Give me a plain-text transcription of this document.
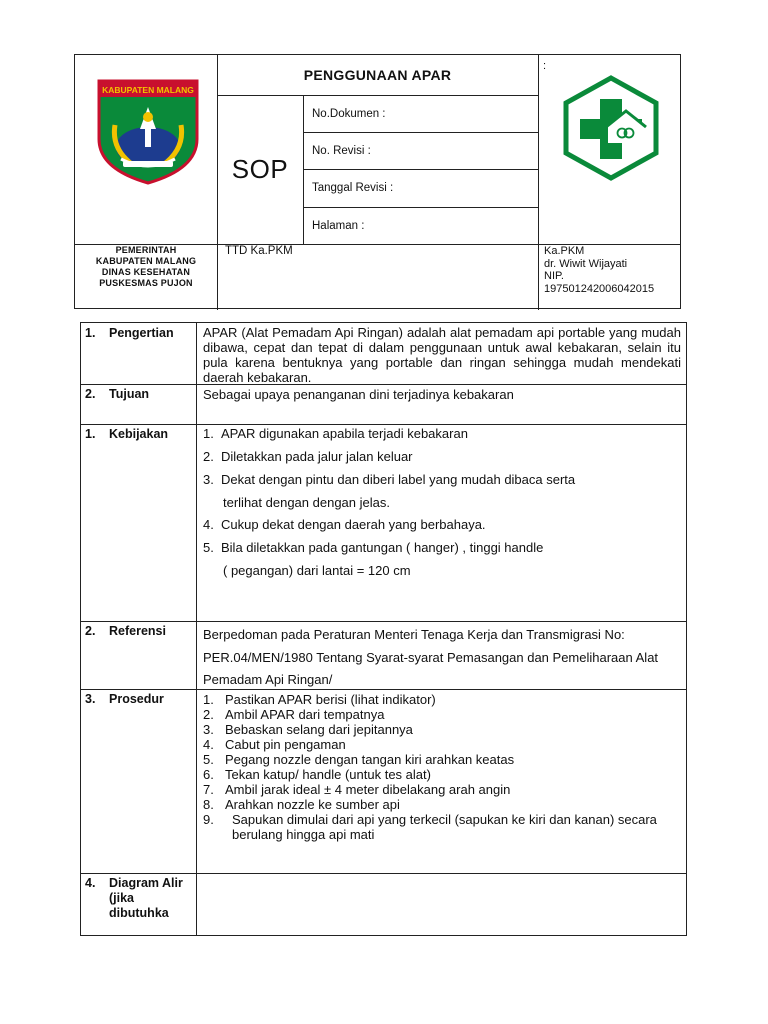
KABUPATEN MALANG
PENGGUNAAN APAR
SOP
No.Dokumen :
No. Revisi :
Tanggal Revisi :
Halaman :
:
PEMERINTAH
KABUPATEN MALANG
DINAS KESEHATAN
PUSKESMAS PUJON
TTD Ka.PKM	Ka.PKM
dr. Wiwit Wijayati
NIP.
197501242006042015
1.	Pengertian	APAR (Alat Pemadam Api Ringan) adalah alat pemadam api portable yang mudah dibawa, cepat dan tepat di dalam penggunaan untuk awal kebakaran, selain itu pula karena bentuknya yang portable dan ringan sehingga mudah mendekati daerah kebakaran.
2.	Tujuan	Sebagai upaya penanganan dini terjadinya kebakaran
1.	Kebijakan	1. APAR digunakan apabila terjadi kebakaran
2. Diletakkan pada jalur jalan keluar
3. Dekat dengan pintu dan diberi label yang mudah dibaca serta
terlihat dengan dengan jelas.
4. Cukup dekat dengan daerah yang berbahaya.
5. Bila diletakkan pada gantungan ( hanger) , tinggi handle
( pegangan) dari lantai = 120 cm
2.	Referensi	Berpedoman pada Peraturan Menteri Tenaga Kerja dan Transmigrasi No: PER.04/MEN/1980 Tentang Syarat-syarat Pemasangan dan Pemeliharaan Alat Pemadam Api Ringan/
3.	Prosedur	1. Pastikan APAR berisi (lihat indikator)
2. Ambil APAR dari tempatnya
3. Bebaskan selang dari jepitannya
4. Cabut pin pengaman
5. Pegang nozzle dengan tangan kiri arahkan keatas
6. Tekan katup/ handle (untuk tes alat)
7. Ambil jarak ideal ± 4 meter dibelakang arah angin
8. Arahkan nozzle ke sumber api
9.	Sapukan dimulai dari api yang terkecil (sapukan ke kiri dan kanan) secara berulang hingga api mati
4.	Diagram Alir (jika dibutuhka
